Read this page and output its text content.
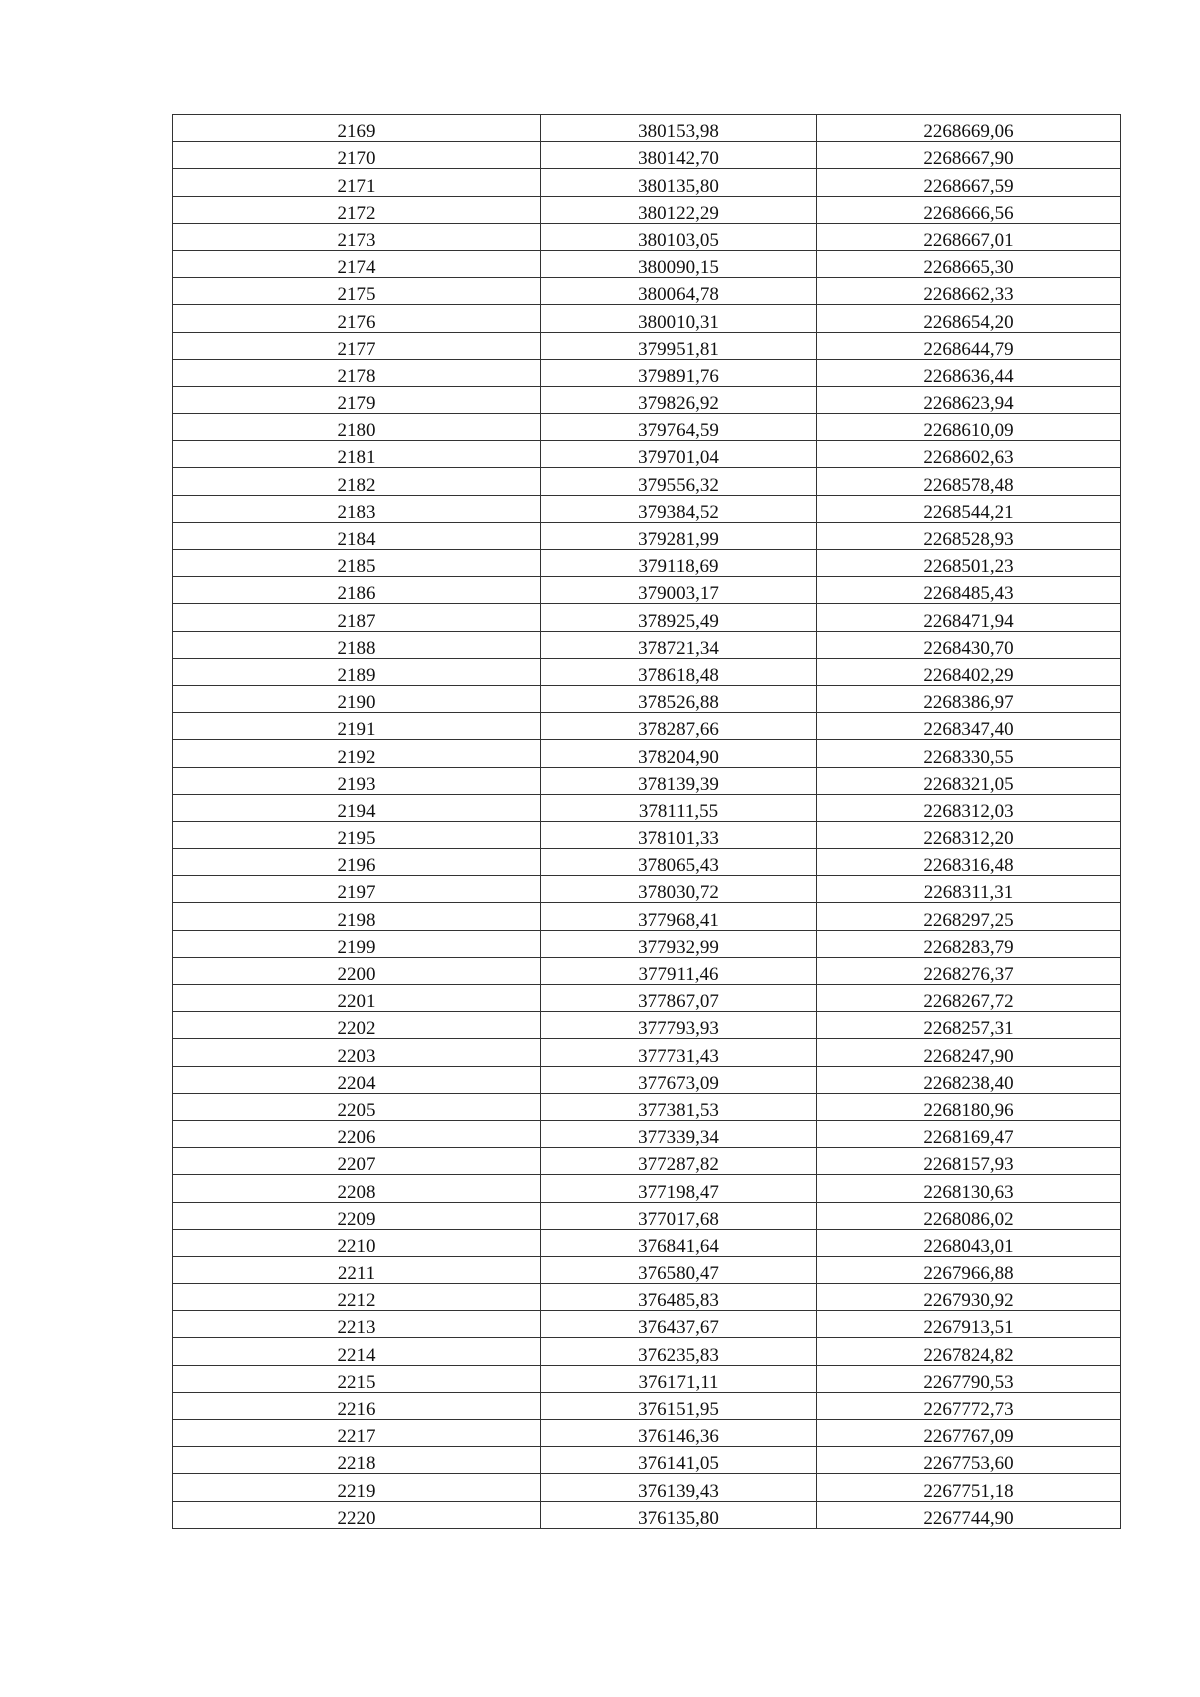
2169	380153,98	2268669,06
2170	380142,70	2268667,90
2171	380135,80	2268667,59
2172	380122,29	2268666,56
2173	380103,05	2268667,01
2174	380090,15	2268665,30
2175	380064,78	2268662,33
2176	380010,31	2268654,20
2177	379951,81	2268644,79
2178	379891,76	2268636,44
2179	379826,92	2268623,94
2180	379764,59	2268610,09
2181	379701,04	2268602,63
2182	379556,32	2268578,48
2183	379384,52	2268544,21
2184	379281,99	2268528,93
2185	379118,69	2268501,23
2186	379003,17	2268485,43
2187	378925,49	2268471,94
2188	378721,34	2268430,70
2189	378618,48	2268402,29
2190	378526,88	2268386,97
2191	378287,66	2268347,40
2192	378204,90	2268330,55
2193	378139,39	2268321,05
2194	378111,55	2268312,03
2195	378101,33	2268312,20
2196	378065,43	2268316,48
2197	378030,72	2268311,31
2198	377968,41	2268297,25
2199	377932,99	2268283,79
2200	377911,46	2268276,37
2201	377867,07	2268267,72
2202	377793,93	2268257,31
2203	377731,43	2268247,90
2204	377673,09	2268238,40
2205	377381,53	2268180,96
2206	377339,34	2268169,47
2207	377287,82	2268157,93
2208	377198,47	2268130,63
2209	377017,68	2268086,02
2210	376841,64	2268043,01
2211	376580,47	2267966,88
2212	376485,83	2267930,92
2213	376437,67	2267913,51
2214	376235,83	2267824,82
2215	376171,11	2267790,53
2216	376151,95	2267772,73
2217	376146,36	2267767,09
2218	376141,05	2267753,60
2219	376139,43	2267751,18
2220	376135,80	2267744,90
